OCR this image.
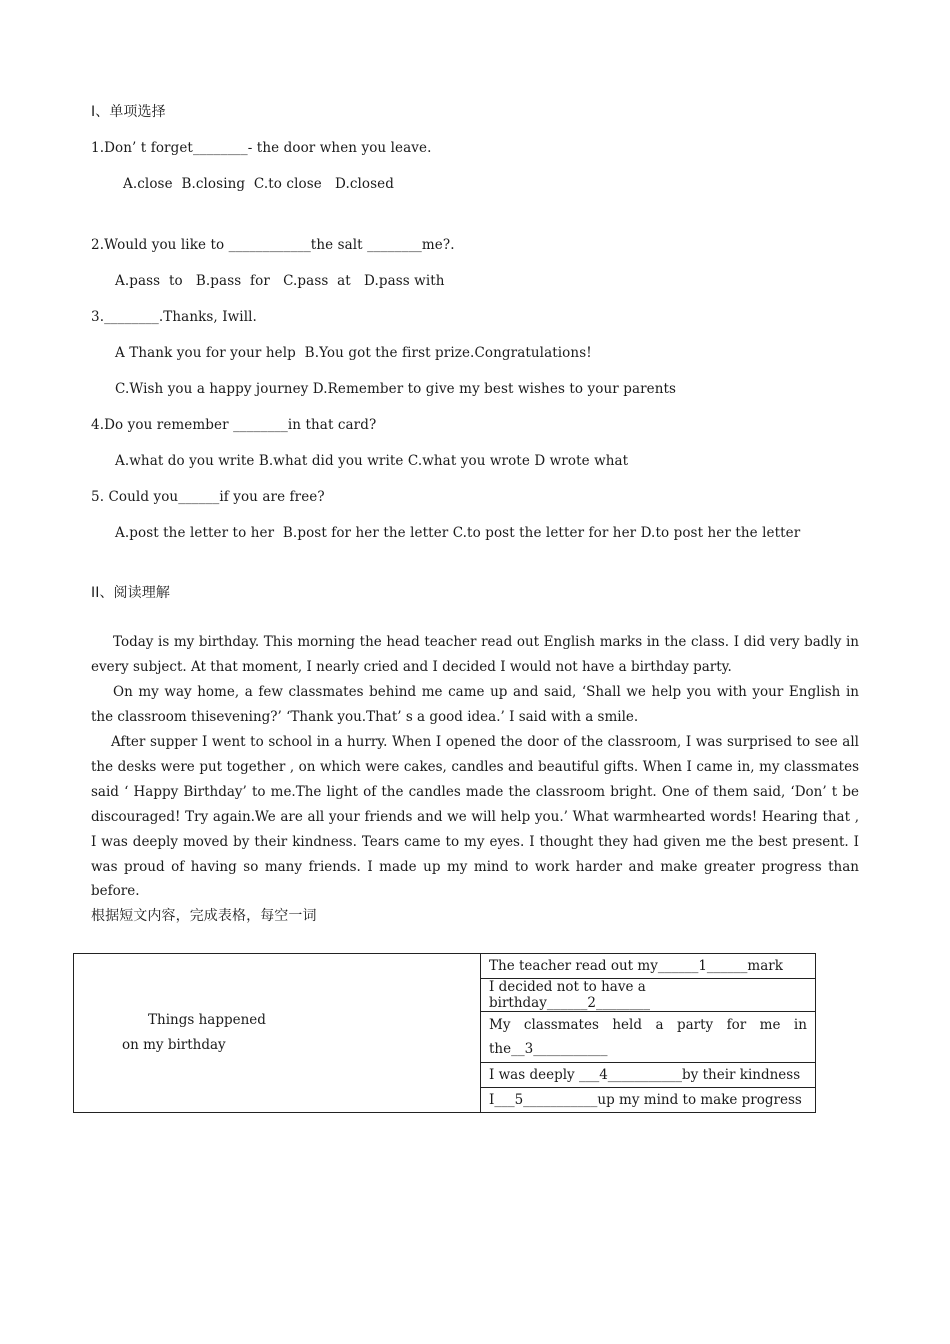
I、单项选择
1.Don’ t forget________- the door when you leave.
A.close  B.closing  C.to close   D.closed
2.Would you like to ____________the salt ________me?.
A.pass  to   B.pass  for   C.pass  at   D.pass with
3.________.Thanks, Iwill.
A Thank you for your help  B.You got the first prize.Congratulations!
C.Wish you a happy journey D.Remember to give my best wishes to your parents
4.Do you remember ________in that card?
A.what do you write B.what did you write C.what you wrote D wrote what
5. Could you______if you are free?
A.post the letter to her  B.post for her the letter C.to post the letter for her D.to post her the letter
II、阅读理解

Today is my birthday. This morning the head teacher read out English marks in the class. I did very badly in every subject. At that moment, I nearly cried and I decided I would not have a birthday party.

On my way home, a few classmates behind me came up and said, ‘Shall we help you with your English in the classroom thisevening?’ ‘Thank you.That’ s a good idea.’ I said with a smile.

After supper I went to school in a hurry. When I opened the door of the classroom, I was surprised to see all the desks were put together , on which were cakes, candles and beautiful gifts. When I came in, my classmates said ‘ Happy Birthday’ to me.The light of the candles made the classroom bright. One of them said, ‘Don’ t be discouraged! Try again.We are all your friends and we will help you.’ What warmhearted words! Hearing that , I was deeply moved by their kindness. Tears came to my eyes. I thought they had given me the best present. I was proud of having so many friends. I made up my mind to work harder and make greater progress than before.

根据短文内容，完成表格，每空一词
Things happened
on my birthday
	The teacher read out my______1______mark
I decided not to have a birthday______2________

My classmates held a party for me in
the__3___________

I was deeply ___4___________by their kindness
I___5___________up my mind to make progress
